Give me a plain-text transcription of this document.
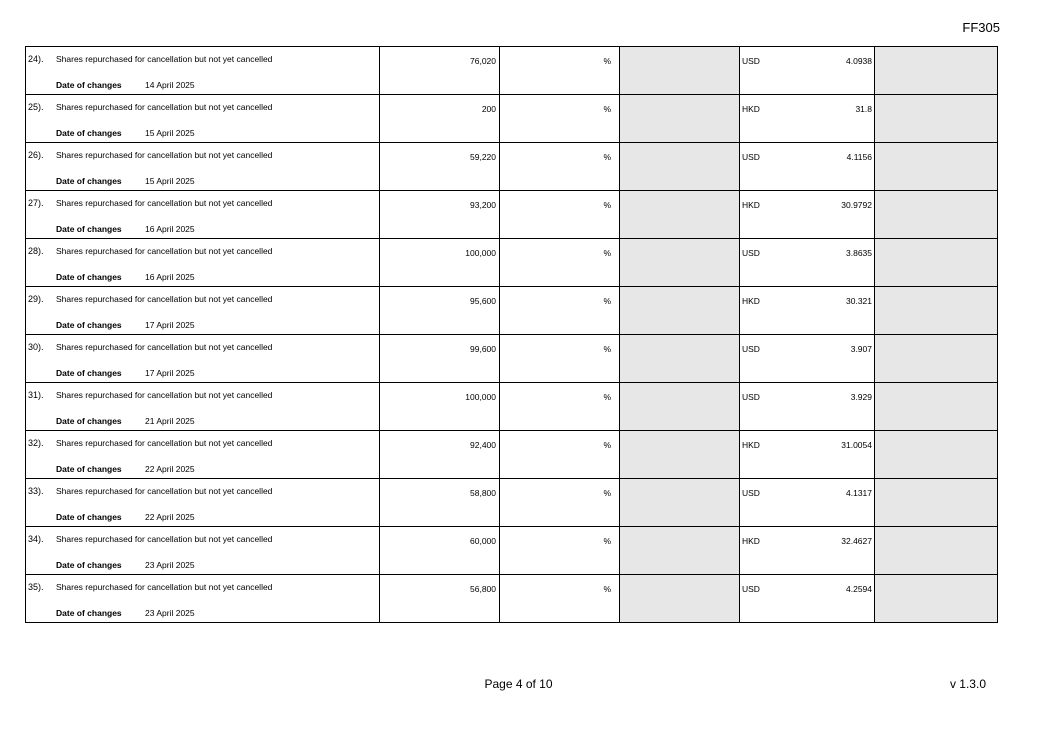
FF305
24). Shares repurchased for cancellation but not yet cancelled
Date of changes 14 April 2025	76,020	%		USD 4.0938	

25). Shares repurchased for cancellation but not yet cancelled
Date of changes 15 April 2025	200	%		HKD 31.8	

26). Shares repurchased for cancellation but not yet cancelled
Date of changes 15 April 2025	59,220	%		USD 4.1156	

27). Shares repurchased for cancellation but not yet cancelled
Date of changes 16 April 2025	93,200	%		HKD 30.9792	

28). Shares repurchased for cancellation but not yet cancelled
Date of changes 16 April 2025	100,000	%		USD 3.8635	

29). Shares repurchased for cancellation but not yet cancelled
Date of changes 17 April 2025	95,600	%		HKD 30.321	

30). Shares repurchased for cancellation but not yet cancelled
Date of changes 17 April 2025	99,600	%		USD 3.907	

31). Shares repurchased for cancellation but not yet cancelled
Date of changes 21 April 2025	100,000	%		USD 3.929	

32). Shares repurchased for cancellation but not yet cancelled
Date of changes 22 April 2025	92,400	%		HKD 31.0054	

33). Shares repurchased for cancellation but not yet cancelled
Date of changes 22 April 2025	58,800	%		USD 4.1317	

34). Shares repurchased for cancellation but not yet cancelled
Date of changes 23 April 2025	60,000	%		HKD 32.4627	

35). Shares repurchased for cancellation but not yet cancelled
Date of changes 23 April 2025	56,800	%		USD 4.2594	

Page 4 of 10	v 1.3.0
